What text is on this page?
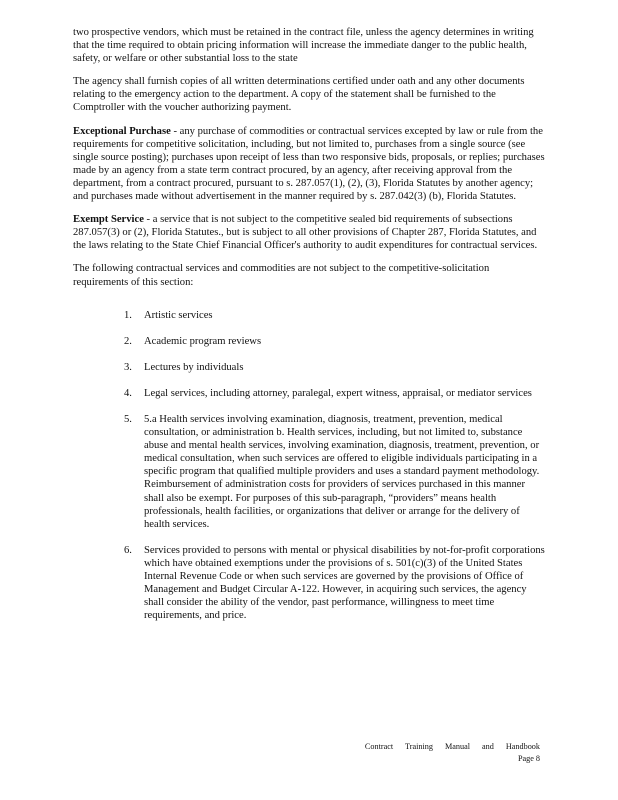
two prospective vendors, which must be retained in the contract file, unless the agency determines in writing that the time required to obtain pricing information will increase the immediate danger to the public health, safety, or welfare or other substantial loss to the state

The agency shall furnish copies of all written determinations certified under oath and any other documents relating to the emergency action to the department. A copy of the statement shall be furnished to the Comptroller with the voucher authorizing payment.

Exceptional Purchase - any purchase of commodities or contractual services excepted by law or rule from the requirements for competitive solicitation, including, but not limited to, purchases from a single source (see single source posting); purchases upon receipt of less than two responsive bids, proposals, or replies; purchases made by an agency from a state term contract procured, by an agency, after receiving approval from the department, from a contract procured, pursuant to s. 287.057(1), (2), (3), Florida Statutes by another agency; and purchases made without advertisement in the manner required by s. 287.042(3) (b), Florida Statutes.

Exempt Service - a service that is not subject to the competitive sealed bid requirements of subsections 287.057(3) or (2), Florida Statutes., but is subject to all other provisions of Chapter 287, Florida Statutes, and the laws relating to the State Chief Financial Officer's authority to audit expenditures for contractual services.

The following contractual services and commodities are not subject to the competitive-solicitation requirements of this section:

1.	Artistic services
2.	Academic program reviews
3.	Lectures by individuals
4.	Legal services, including attorney, paralegal, expert witness, appraisal, or mediator services
5.	5.a Health services involving examination, diagnosis, treatment, prevention, medical consultation, or administration b. Health services, including, but not limited to, substance abuse and mental health services, involving examination, diagnosis, treatment, prevention, or medical consultation, when such services are offered to eligible individuals participating in a specific program that qualified multiple providers and uses a standard payment methodology. Reimbursement of administration costs for providers of services purchased in this manner shall also be exempt. For purposes of this sub-paragraph, “providers” means health professionals, health facilities, or organizations that deliver or arrange for the delivery of health services.
6.	Services provided to persons with mental or physical disabilities by not-for-profit corporations which have obtained exemptions under the provisions of s. 501(c)(3) of the United States Internal Revenue Code or when such services are governed by the provisions of Office of Management and Budget Circular A-122. However, in acquiring such services, the agency shall consider the ability of the vendor, past performance, willingness to meet time requirements, and price.
Contract Training Manual and Handbook
Page 8
